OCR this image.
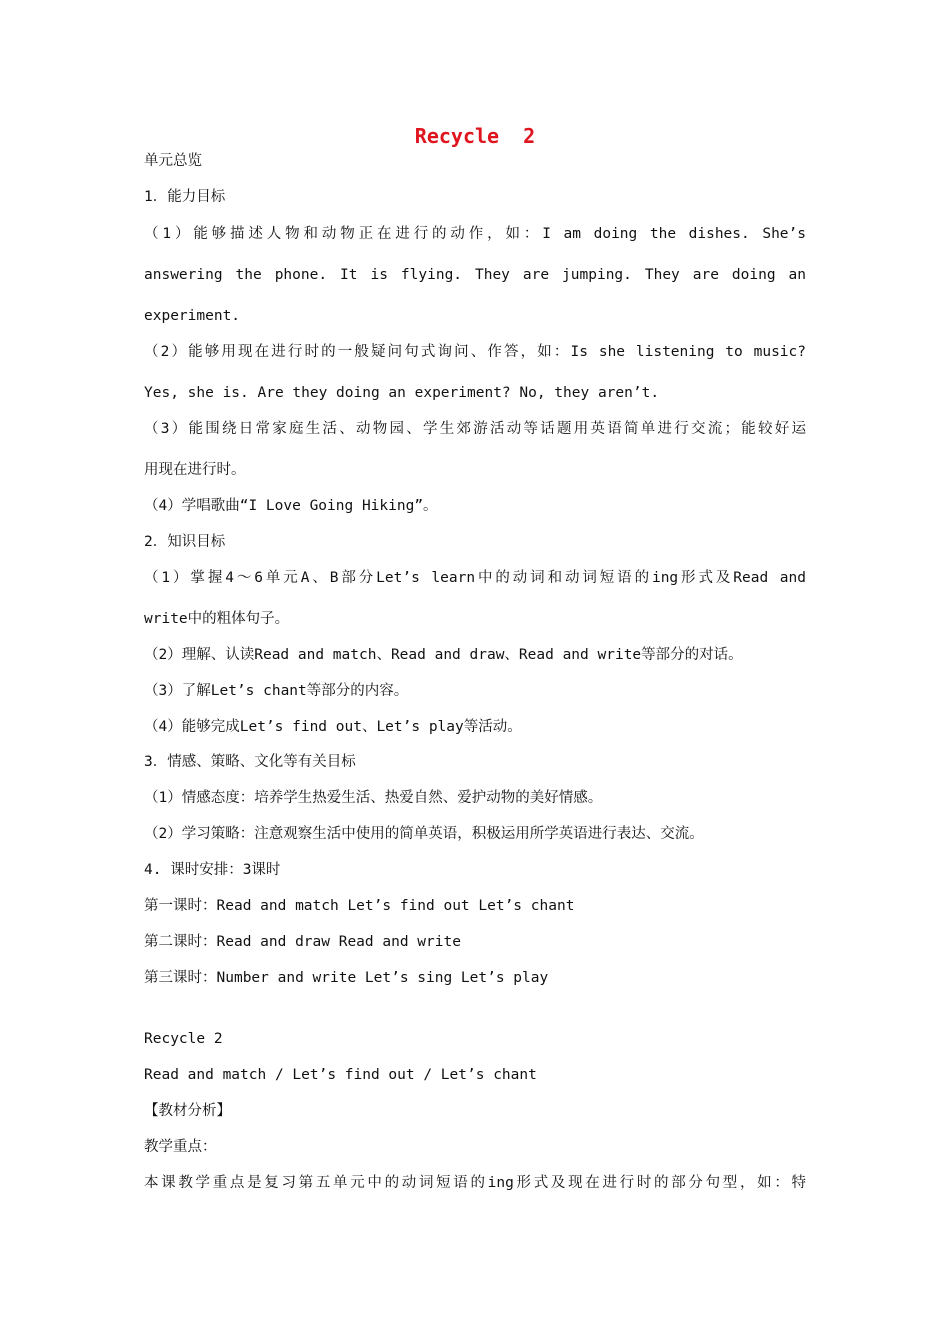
Recycle  2
单元总览
1．能力目标
（1）能够描述人物和动物正在进行的动作，如：I am doing the dishes. She’s
answering the phone. It is flying. They are jumping. They are doing an
experiment.
（2）能够用现在进行时的一般疑问句式询问、作答，如：Is she listening to music?
Yes, she is. Are they doing an experiment? No, they aren’t.
（3）能围绕日常家庭生活、动物园、学生郊游活动等话题用英语简单进行交流；能较好运
用现在进行时。
（4）学唱歌曲“I Love Going Hiking”。
2．知识目标
（1）掌握4～6单元A、B部分Let’s learn中的动词和动词短语的ing形式及Read and
write中的粗体句子。
（2）理解、认读Read and match、Read and draw、Read and write等部分的对话。
（3）了解Let’s chant等部分的内容。
（4）能够完成Let’s find out、Let’s play等活动。
3．情感、策略、文化等有关目标
（1）情感态度：培养学生热爱生活、热爱自然、爱护动物的美好情感。
（2）学习策略：注意观察生活中使用的简单英语，积极运用所学英语进行表达、交流。
4. 课时安排：3课时
第一课时：Read and match Let’s find out Let’s chant
第二课时：Read and draw Read and write
第三课时：Number and write Let’s sing Let’s play
Recycle 2
Read and match / Let’s find out / Let’s chant
【教材分析】
教学重点：
本课教学重点是复习第五单元中的动词短语的ing形式及现在进行时的部分句型，如：特
